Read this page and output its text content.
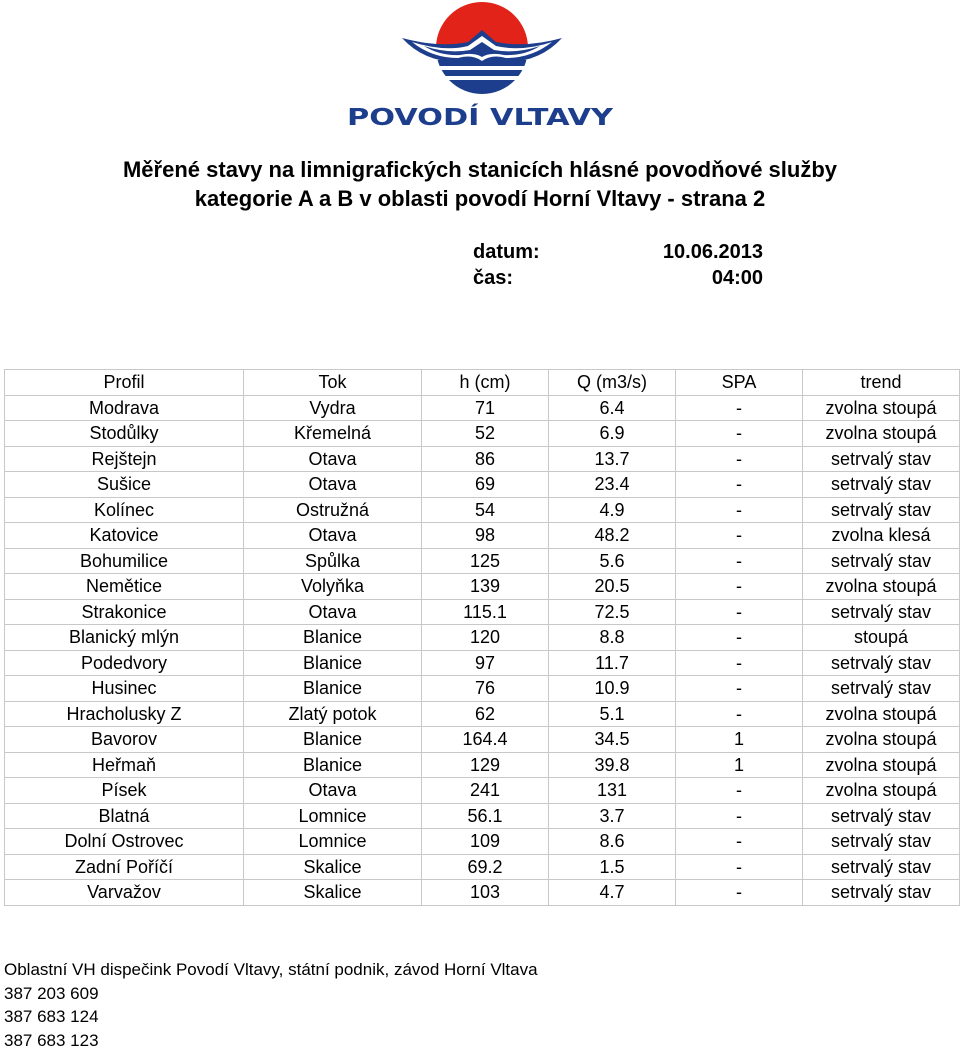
POVODÍ VLTAVY
Měřené stavy na limnigrafických stanicích hlásné povodňové služby
kategorie A a B v oblasti povodí Horní Vltavy - strana 2
datum:	10.06.2013
čas:	04:00
Profil	Tok	h (cm)	Q (m3/s)	SPA	trend
Modrava	Vydra	71	6.4	-	zvolna stoupá
Stodůlky	Křemelná	52	6.9	-	zvolna stoupá
Rejštejn	Otava	86	13.7	-	setrvalý stav
Sušice	Otava	69	23.4	-	setrvalý stav
Kolínec	Ostružná	54	4.9	-	setrvalý stav
Katovice	Otava	98	48.2	-	zvolna klesá
Bohumilice	Spůlka	125	5.6	-	setrvalý stav
Nemětice	Volyňka	139	20.5	-	zvolna stoupá
Strakonice	Otava	115.1	72.5	-	setrvalý stav
Blanický mlýn	Blanice	120	8.8	-	stoupá
Podedvory	Blanice	97	11.7	-	setrvalý stav
Husinec	Blanice	76	10.9	-	setrvalý stav
Hracholusky Z	Zlatý potok	62	5.1	-	zvolna stoupá
Bavorov	Blanice	164.4	34.5	1	zvolna stoupá
Heřmaň	Blanice	129	39.8	1	zvolna stoupá
Písek	Otava	241	131	-	zvolna stoupá
Blatná	Lomnice	56.1	3.7	-	setrvalý stav
Dolní Ostrovec	Lomnice	109	8.6	-	setrvalý stav
Zadní Poříčí	Skalice	69.2	1.5	-	setrvalý stav
Varvažov	Skalice	103	4.7	-	setrvalý stav
Oblastní VH dispečink Povodí Vltavy, státní podnik, závod Horní Vltava
387 203 609
387 683 124
387 683 123
